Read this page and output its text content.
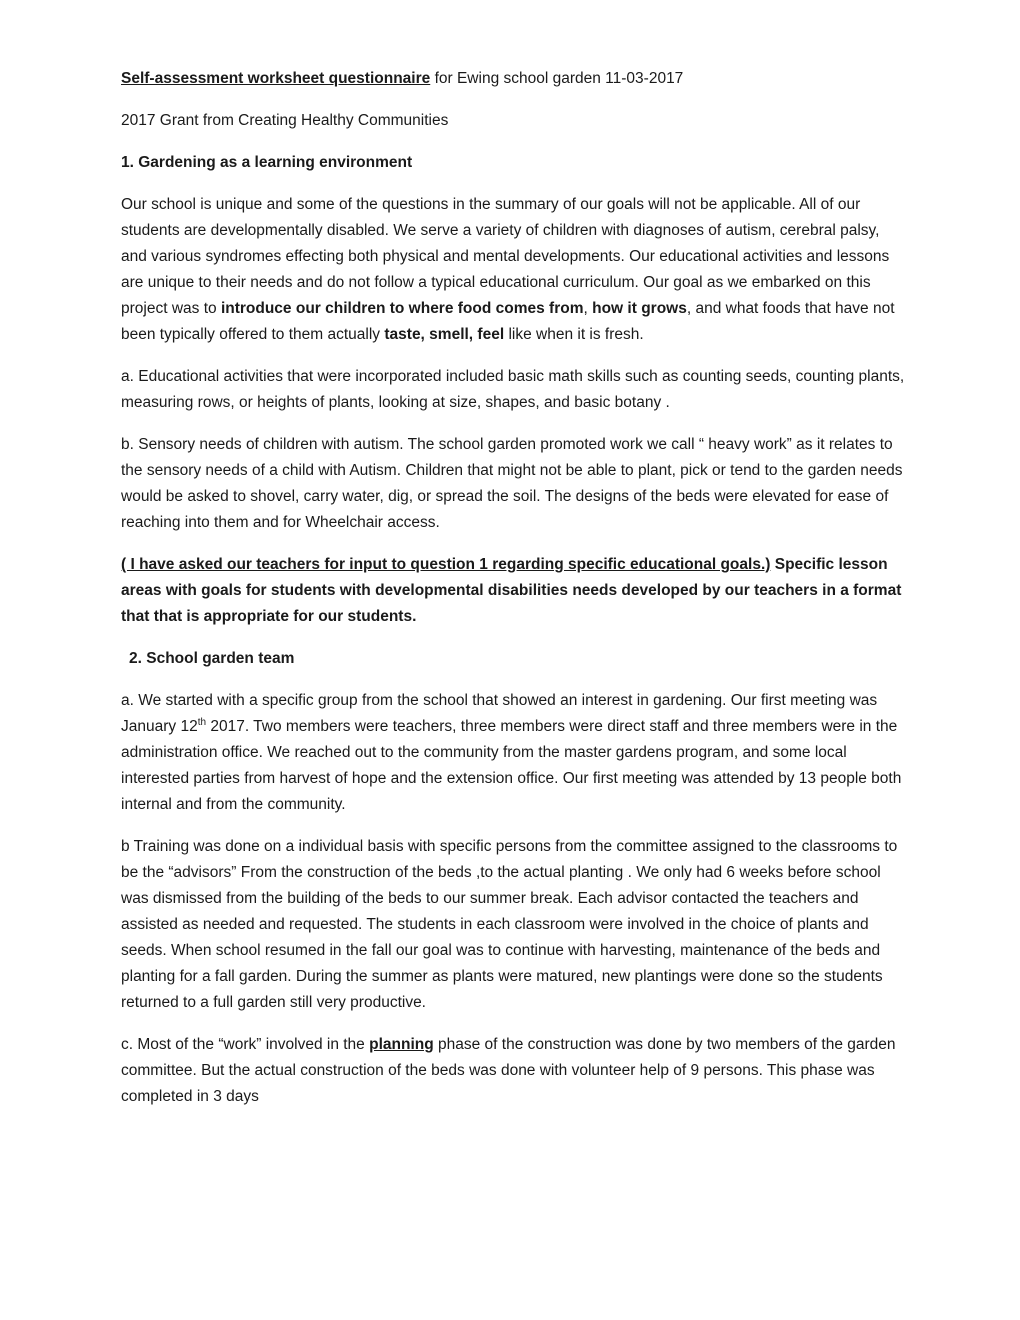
Self-assessment worksheet questionnaire for Ewing school garden 11-03-2017

2017 Grant from Creating Healthy Communities

1. Gardening as a learning environment

Our school is unique and some of the questions in the summary of our goals will not be applicable. All of our students are developmentally disabled. We serve a variety of children with diagnoses of autism, cerebral palsy, and various syndromes effecting both physical and mental developments. Our educational activities and lessons are unique to their needs and do not follow a typical educational curriculum. Our goal as we embarked on this project was to introduce our children to where food comes from, how it grows, and what foods that have not been typically offered to them actually taste, smell, feel like when it is fresh.

a. Educational activities that were incorporated included basic math skills such as counting seeds, counting plants, measuring rows, or heights of plants, looking at size, shapes, and basic botany .

b. Sensory needs of children with autism. The school garden promoted work we call “ heavy work” as it relates to the sensory needs of a child with Autism. Children that might not be able to plant, pick or tend to the garden needs would be asked to shovel, carry water, dig, or spread the soil. The designs of the beds were elevated for ease of reaching into them and for Wheelchair access.

( I have asked our teachers for input to question 1 regarding specific educational goals.) Specific lesson areas with goals for students with developmental disabilities needs developed by our teachers in a format that that is appropriate for our students.

2. School garden team

a. We started with a specific group from the school that showed an interest in gardening. Our first meeting was January 12th 2017. Two members were teachers, three members were direct staff and three members were in the administration office. We reached out to the community from the master gardens program, and some local interested parties from harvest of hope and the extension office. Our first meeting was attended by 13 people both internal and from the community.

b Training was done on a individual basis with specific persons from the committee assigned to the classrooms to be the “advisors” From the construction of the beds ,to the actual planting . We only had 6 weeks before school was dismissed from the building of the beds to our summer break. Each advisor contacted the teachers and assisted as needed and requested. The students in each classroom were involved in the choice of plants and seeds. When school resumed in the fall our goal was to continue with harvesting, maintenance of the beds and planting for a fall garden. During the summer as plants were matured, new plantings were done so the students returned to a full garden still very productive.

c. Most of the “work” involved in the planning phase of the construction was done by two members of the garden committee. But the actual construction of the beds was done with volunteer help of 9 persons. This phase was completed in 3 days
